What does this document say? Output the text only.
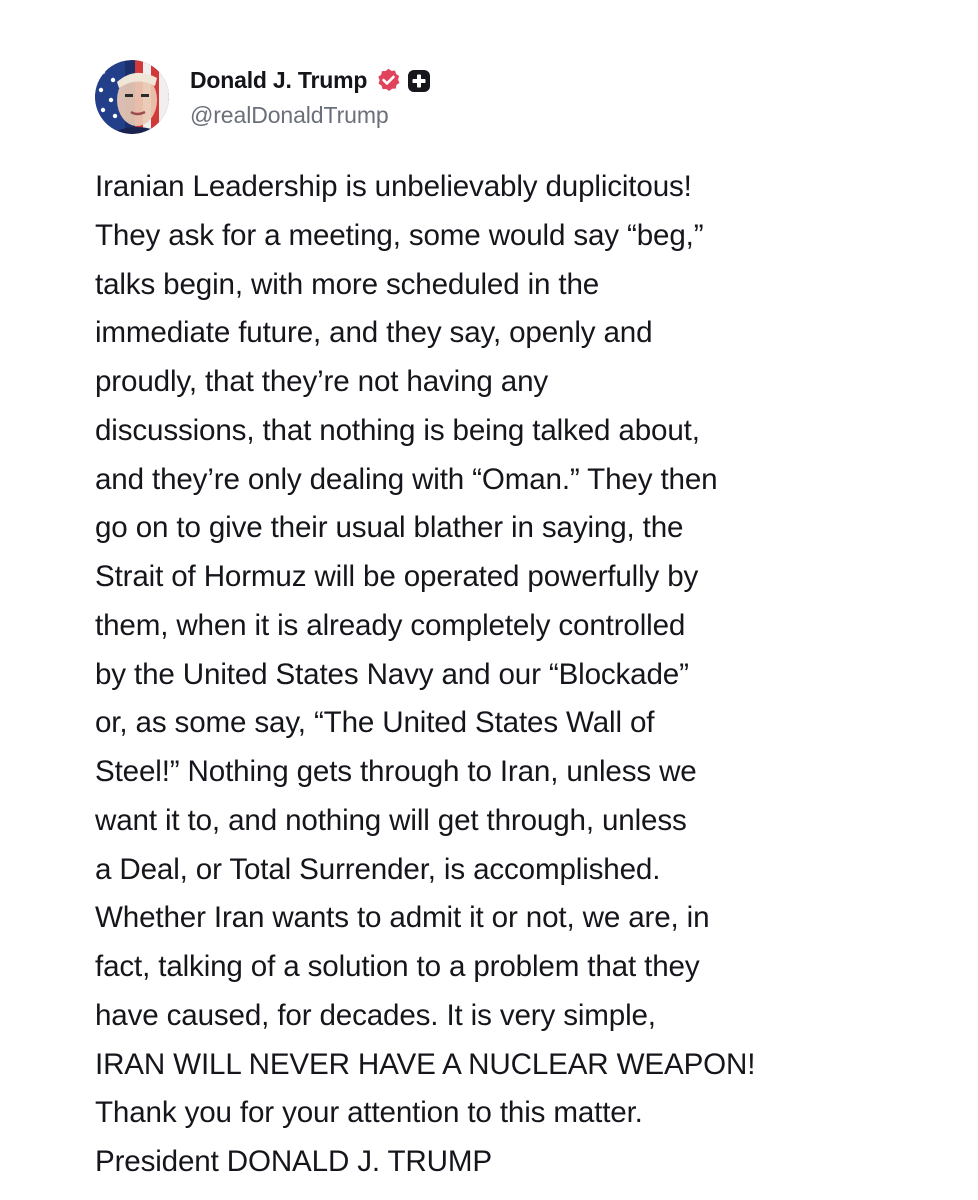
Donald J. Trump
@realDonaldTrump
Iranian Leadership is unbelievably duplicitous!
They ask for a meeting, some would say “beg,”
talks begin, with more scheduled in the
immediate future, and they say, openly and
proudly, that they’re not having any
discussions, that nothing is being talked about,
and they’re only dealing with “Oman.” They then
go on to give their usual blather in saying, the
Strait of Hormuz will be operated powerfully by
them, when it is already completely controlled
by the United States Navy and our “Blockade”
or, as some say, “The United States Wall of
Steel!” Nothing gets through to Iran, unless we
want it to, and nothing will get through, unless
a Deal, or Total Surrender, is accomplished.
Whether Iran wants to admit it or not, we are, in
fact, talking of a solution to a problem that they
have caused, for decades. It is very simple,
IRAN WILL NEVER HAVE A NUCLEAR WEAPON!
Thank you for your attention to this matter.
President DONALD J. TRUMP
